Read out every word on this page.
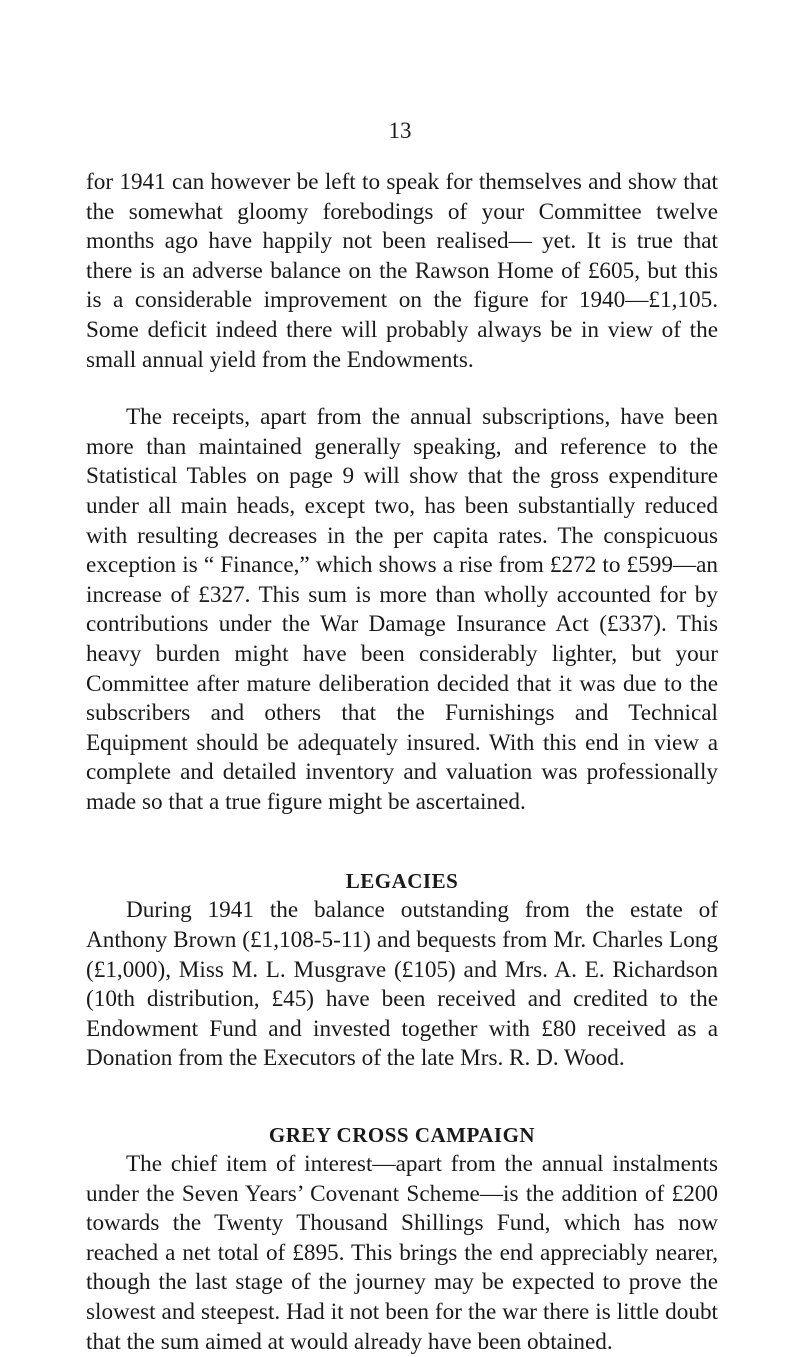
13

for 1941 can however be left to speak for themselves and show that the somewhat gloomy forebodings of your Committee twelve months ago have happily not been realised— yet. It is true that there is an adverse balance on the Rawson Home of £605, but this is a considerable improvement on the figure for 1940—£1,105. Some deficit indeed there will probably always be in view of the small annual yield from the Endowments.

The receipts, apart from the annual subscriptions, have been more than maintained generally speaking, and reference to the Statistical Tables on page 9 will show that the gross expenditure under all main heads, except two, has been substantially reduced with resulting decreases in the per capita rates. The conspicuous exception is “ Finance,” which shows a rise from £272 to £599—an increase of £327. This sum is more than wholly accounted for by contributions under the War Damage Insurance Act (£337). This heavy burden might have been considerably lighter, but your Committee after mature deliberation decided that it was due to the subscribers and others that the Furnishings and Technical Equipment should be adequately insured. With this end in view a complete and detailed inventory and valuation was professionally made so that a true figure might be ascertained.

LEGACIES

During 1941 the balance outstanding from the estate of Anthony Brown (£1,108-5-11) and bequests from Mr. Charles Long (£1,000), Miss M. L. Musgrave (£105) and Mrs. A. E. Richardson (10th distribution, £45) have been received and credited to the Endowment Fund and invested together with £80 received as a Donation from the Executors of the late Mrs. R. D. Wood.

GREY CROSS CAMPAIGN

The chief item of interest—apart from the annual instalments under the Seven Years’ Covenant Scheme—is the addition of £200 towards the Twenty Thousand Shillings Fund, which has now reached a net total of £895. This brings the end appreciably nearer, though the last stage of the journey may be expected to prove the slowest and steepest. Had it not been for the war there is little doubt that the sum aimed at would already have been obtained.
